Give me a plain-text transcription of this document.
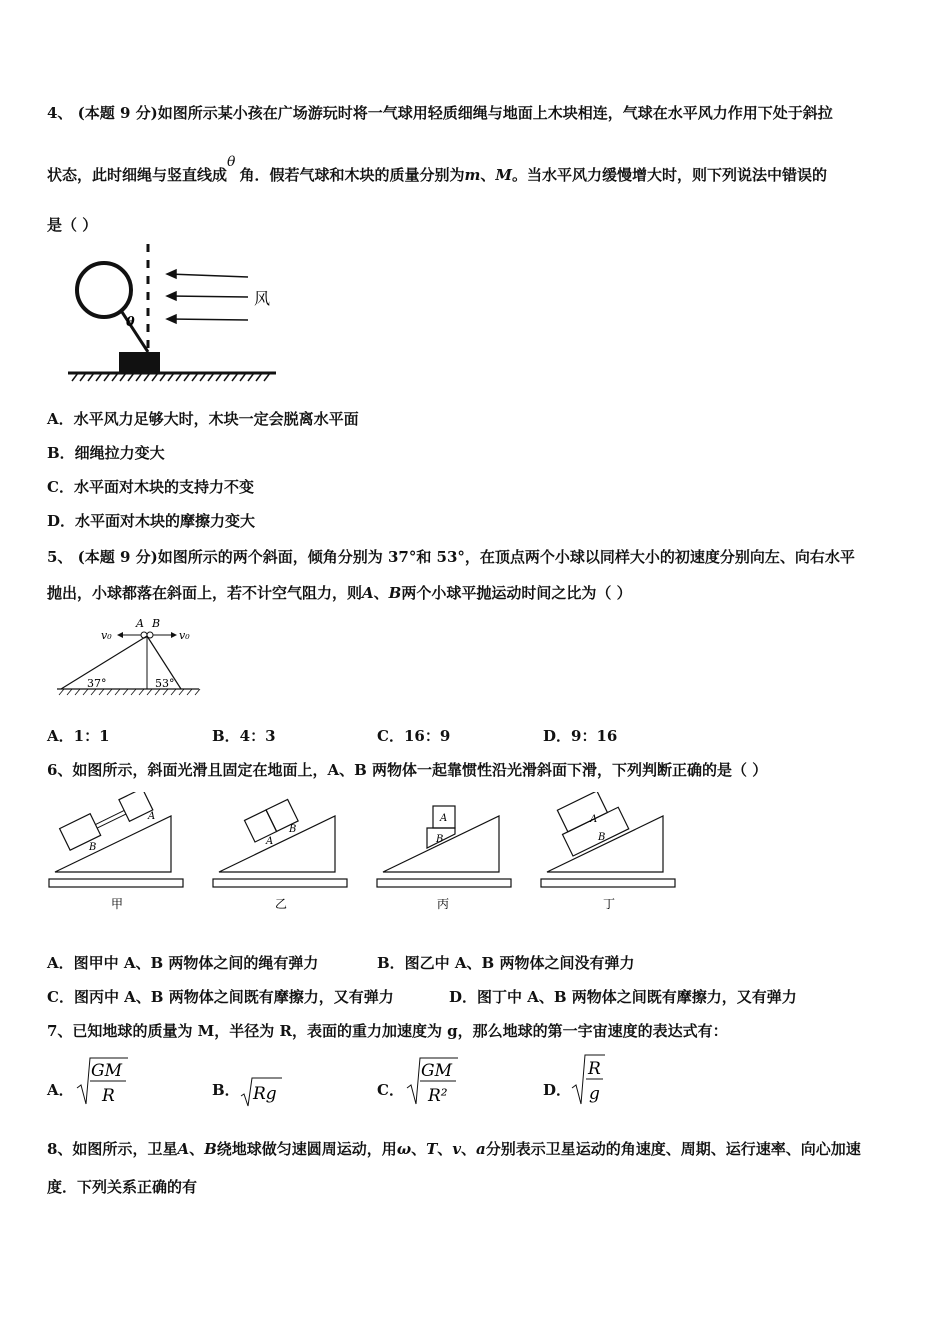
4、 (本题 9 分)如图所示某小孩在广场游玩时将一气球用轻质细绳与地面上木块相连，气球在水平风力作用下处于斜拉
状态，此时细绳与竖直线成θ角．假若气球和木块的质量分别为m、M。当水平风力缓慢增大时，则下列说法中错误的
是（ ）
风
θ
A．水平风力足够大时，木块一定会脱离水平面
B．细绳拉力变大
C．水平面对木块的支持力不变
D．水平面对木块的摩擦力变大
5、 (本题 9 分)如图所示的两个斜面，倾角分别为 37°和 53°，在顶点两个小球以同样大小的初速度分别向左、向右水平
抛出，小球都落在斜面上，若不计空气阻力，则A、B两个小球平抛运动时间之比为（ ）
v₀	v₀
A B
37°	53°
A．1：1	B．4：3	C．16：9	D．9：16
6、如图所示，斜面光滑且固定在地面上，A、B 两物体一起靠惯性沿光滑斜面下滑，下列判断正确的是（ ）
B
A
甲
A
B
乙
A
B
丙
A
B
丁
A．图甲中 A、B 两物体之间的绳有弹力	B．图乙中 A、B 两物体之间没有弹力
C．图丙中 A、B 两物体之间既有摩擦力，又有弹力	D．图丁中 A、B 两物体之间既有摩擦力，又有弹力
7、已知地球的质量为 M，半径为 R，表面的重力加速度为 g，那么地球的第一宇宙速度的表达式有：
A．
GM
R	B． Rg	C．
GM
R²	D．
R
g
8、如图所示，卫星A、B绕地球做匀速圆周运动，用ω、T、v、a分别表示卫星运动的角速度、周期、运行速率、向心加速
度．下列关系正确的有
